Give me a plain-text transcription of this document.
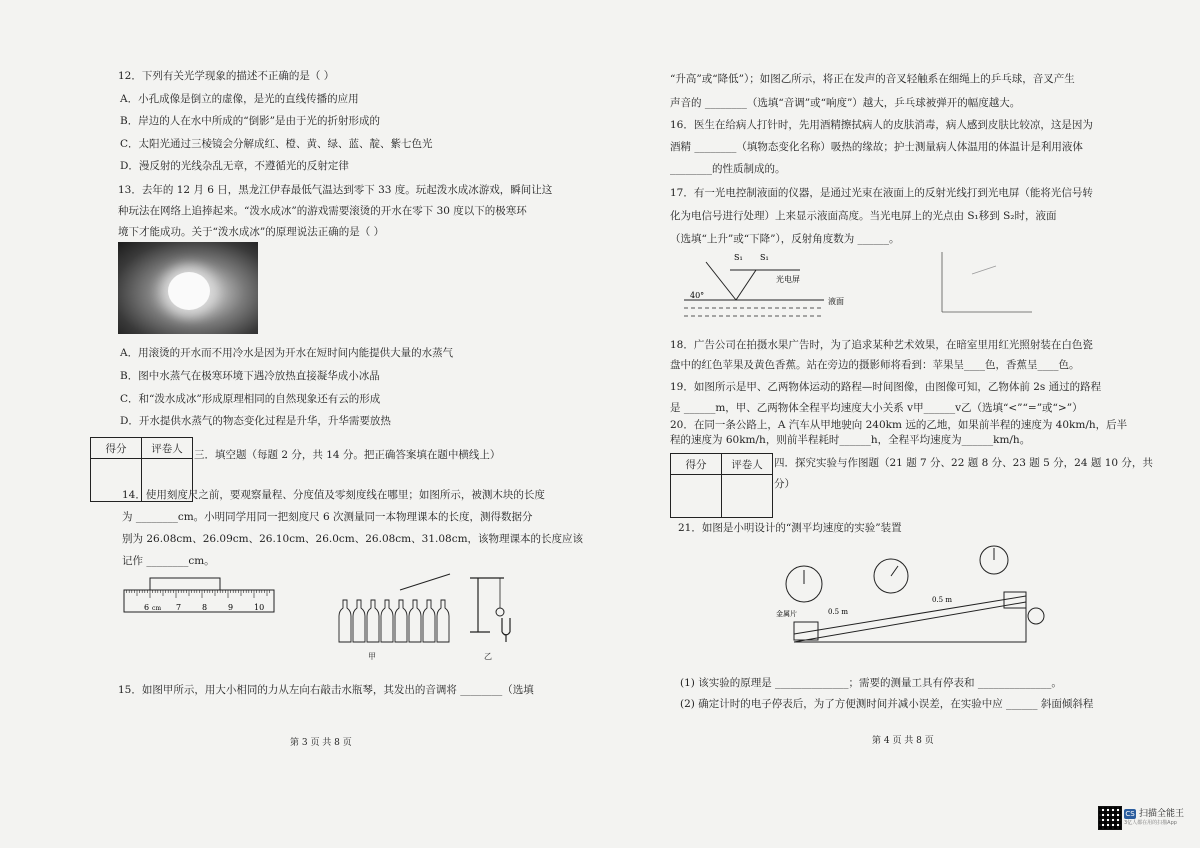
12．下列有关光学现象的描述不正确的是（ ）
A．小孔成像是倒立的虚像，是光的直线传播的应用
B．岸边的人在水中所成的“倒影”是由于光的折射形成的
C．太阳光通过三棱镜会分解成红、橙、黄、绿、蓝、靛、紫七色光
D．漫反射的光线杂乱无章，不遵循光的反射定律
13．去年的 12 月 6 日，黑龙江伊春最低气温达到零下 33 度。玩起泼水成冰游戏，瞬间让这
种玩法在网络上追捧起来。“泼水成冰”的游戏需要滚烫的开水在零下 30 度以下的极寒环
境下才能成功。关于“泼水成冰”的原理说法正确的是（ ）
A．用滚烫的开水而不用冷水是因为开水在短时间内能提供大量的水蒸气
B．图中水蒸气在极寒环境下遇冷放热直接凝华成小冰晶
C．和“泼水成冰”形成原理相同的自然现象还有云的形成
D．开水提供水蒸气的物态变化过程是升华，升华需要放热
得分	评卷人

三．填空题（每题 2 分，共 14 分。把正确答案填在题中横线上）
14．使用刻度尺之前，要观察量程、分度值及零刻度线在哪里；如图所示，被测木块的长度
为 ________cm。小明同学用同一把刻度尺 6 次测量同一本物理课本的长度，测得数据分
别为 26.08cm、26.09cm、26.10cm、26.0cm、26.08cm、31.08cm，该物理课本的长度应该
记作 ________cm。
6	7	8	9	10
cm
甲	乙
15．如图甲所示，用大小相同的力从左向右敲击水瓶琴，其发出的音调将 ________（选填
第 3 页 共 8 页
“升高”或“降低”）；如图乙所示，将正在发声的音叉轻触系在细绳上的乒乓球，音叉产生
声音的 ________（选填“音调”或“响度”）越大，乒乓球被弹开的幅度越大。
16．医生在给病人打针时，先用酒精擦拭病人的皮肤消毒，病人感到皮肤比较凉，这是因为
酒精 ________（填物态变化名称）吸热的缘故；护士测量病人体温用的体温计是利用液体
________的性质制成的。
17．有一光电控制液面的仪器，是通过光束在液面上的反射光线打到光电屏（能将光信号转
化为电信号进行处理）上来显示液面高度。当光电屏上的光点由 S₁移到 S₂时，液面
（选填“上升”或“下降”），反射角度数为 ______。
S₁ S₁
光电屏
40°
液面
18．广告公司在拍摄水果广告时，为了追求某种艺术效果，在暗室里用红光照射装在白色瓷
盘中的红色苹果及黄色香蕉。站在旁边的摄影师将看到：苹果呈____色，香蕉呈____色。
19．如图所示是甲、乙两物体运动的路程—时间图像，由图像可知，乙物体前 2s 通过的路程
是 ______m，甲、乙两物体全程平均速度大小关系 v甲______v乙（选填“<”“=”或“>”）
20．在同一条公路上，A 汽车从甲地驶向 240km 远的乙地，如果前半程的速度为 40km/h，后半
程的速度为 60km/h，则前半程耗时______h，全程平均速度为______km/h。
得分	评卷人
	四．探究实验与作图题（21 题 7 分、22 题 8 分、23 题 5 分，24 题 10 分，共
分）
21．如图是小明设计的“测平均速度的实验”装置
金属片	0.5 m
0.5 m
(1) 该实验的原理是 ______________；需要的测量工具有停表和 ______________。
(2) 确定计时的电子停表后，为了方便测时间并减小误差，在实验中应 ______ 斜面倾斜程
第 4 页 共 8 页
CS 扫描全能王
3亿人都在用的扫描App
